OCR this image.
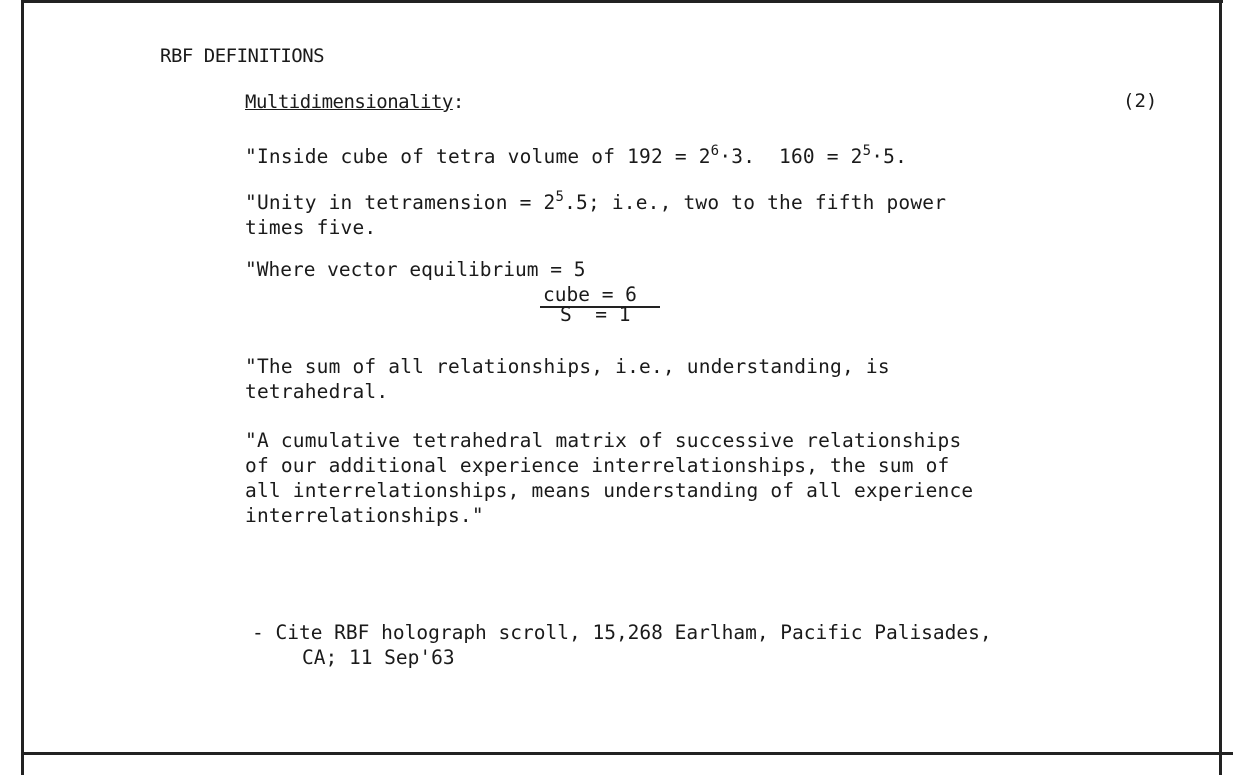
RBF DEFINITIONS
Multidimensionality:	(2)
"Inside cube of tetra volume of $192 = 2^6\cdot 3$.  $160 = 2^5\cdot 5$.
"Unity in tetramension = $2^5.5$; i.e., two to the fifth power
times five.
"Where vector equilibrium = 5
cube = 6
S  = 1
"The sum of all relationships, i.e., understanding, is
tetrahedral.
"A cumulative tetrahedral matrix of successive relationships
of our additional experience interrelationships, the sum of
all interrelationships, means understanding of all experience
interrelationships."
- Cite RBF holograph scroll, 15,268 Earlham, Pacific Palisades,
CA; 11 Sep'63
